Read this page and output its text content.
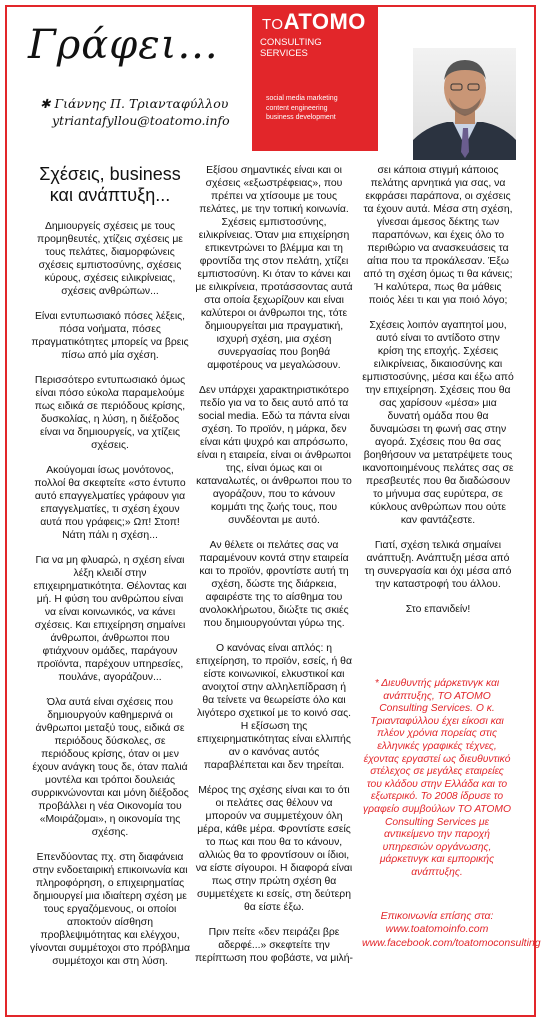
Γράφει...
✱ Γιάννης Π. Τριανταφύλλου
ytriantafyllou@toatomo.info
TOATOMO
CONSULTING SERVICES
social media marketing
content engineering
business development
Σχέσεις, business και ανάπτυξη...

Δημιουργείς σχέσεις με τους προμηθευτές, χτίζεις σχέσεις με τους πελάτες, διαμορφώνεις σχέσεις εμπιστοσύνης, σχέσεις κύρους, σχέσεις ειλικρίνειας, σχέσεις ανθρώπων...

Είναι εντυπωσιακό πόσες λέξεις, πόσα νοήματα, πόσες πραγματικότητες μπορείς να βρεις πίσω από μία σχέση.

Περισσότερο εντυπωσιακό όμως είναι πόσο εύκολα παραμελούμε πως ειδικά σε περιόδους κρίσης, δυσκολίας, η λύση, η διέξοδος είναι να δημιουργείς, να χτίζεις σχέσεις.

Ακούγομαι ίσως μονότονος, πολλοί θα σκεφτείτε «στο έντυπο αυτό επαγγελματίες γράφουν για επαγγελματίες, τι σχέση έχουν αυτά που γράφεις;» Ωπ! Στοπ! Νάτη πάλι η σχέση...

Για να μη φλυαρώ, η σχέση είναι λέξη κλειδί στην επιχειρηματικότητα. Θέλοντας και μή. Η φύση του ανθρώπου είναι να είναι κοινωνικός, να κάνει σχέσεις. Και επιχείρηση σημαίνει άνθρωποι, άνθρωποι που φτιάχνουν ομάδες, παράγουν προϊόντα, παρέχουν υπηρεσίες, πουλάνε, αγοράζουν...

Όλα αυτά είναι σχέσεις που δημιουργούν καθημερινά οι άνθρωποι μεταξύ τους, ειδικά σε περιόδους δύσκολες, σε περιόδους κρίσης, όταν οι μεν έχουν ανάγκη τους δε, όταν παλιά μοντέλα και τρόποι δουλειάς συρρικνώνονται και μόνη διέξοδος προβάλλει η νέα Οικονομία του «Μοιράζομαι», η οικονομία της σχέσης.

Επενδύοντας πχ. στη διαφάνεια στην ενδοεταιρική επικοινωνία και πληροφόρηση, ο επιχειρηματίας δημιουργεί μια ιδιαίτερη σχέση με τους εργαζόμενους, οι οποίοι αποκτούν αίσθηση προβλεψιμότητας και ελέγχου, γίνονται συμμέτοχοι στο πρόβλημα συμμέτοχοι και στη λύση.

Εξίσου σημαντικές είναι και οι σχέσεις «εξωστρέφειας», που πρέπει να χτίσουμε με τους πελάτες, με την τοπική κοινωνία. Σχέσεις εμπιστοσύνης, ειλικρίνειας. Όταν μια επιχείρηση επικεντρώνει το βλέμμα και τη φροντίδα της στον πελάτη, χτίζει εμπιστοσύνη. Κι όταν το κάνει και με ειλικρίνεια, προτάσσοντας αυτά στα οποία ξεχωρίζουν και είναι καλύτεροι οι άνθρωποι της, τότε δημιουργείται μια πραγματική, ισχυρή σχέση, μια σχέση συνεργασίας που βοηθά αμφοτέρους να μεγαλώσουν.

Δεν υπάρχει χαρακτηριστικότερο πεδίο για να το δεις αυτό από τα social media. Εδώ τα πάντα είναι σχέση. Το προϊόν, η μάρκα, δεν είναι κάτι ψυχρό και απρόσωπο, είναι η εταιρεία, είναι οι άνθρωποι της, είναι όμως και οι καταναλωτές, οι άνθρωποι που το αγοράζουν, που το κάνουν κομμάτι της ζωής τους, που συνδέονται με αυτό.

Αν θέλετε οι πελάτες σας να παραμένουν κοντά στην εταιρεία και το προϊόν, φροντίστε αυτή τη σχέση, δώστε της διάρκεια, αφαιρέστε της το αίσθημα του ανολοκλήρωτου, διώξτε τις σκιές που δημιουργούνται γύρω της.

Ο κανόνας είναι απλός: η επιχείρηση, το προϊόν, εσείς, ή θα είστε κοινωνικοί, ελκυστικοί και ανοιχτοί στην αλληλεπίδραση ή θα τείνετε να θεωρείστε όλο και λιγότερο σχετικοί με το κοινό σας. Η εξίσωση της επιχειρηματικότητας είναι ελλιπής αν ο κανόνας αυτός παραβλέπεται και δεν τηρείται.

Μέρος της σχέσης είναι και το ότι οι πελάτες σας θέλουν να μπορούν να συμμετέχουν όλη μέρα, κάθε μέρα. Φροντίστε εσείς το πως και που θα το κάνουν, αλλιώς θα το φροντίσουν οι ίδιοι, να είστε σίγουροι. Η διαφορά είναι πως στην πρώτη σχέση θα συμμετέχετε κι εσείς, στη δεύτερη θα είστε έξω.

Πριν πείτε «δεν πειράζει βρε αδερφέ...» σκεφτείτε την περίπτωση που φοβάστε, να μιλή-

σει κάποια στιγμή κάποιος πελάτης αρνητικά για σας, να εκφράσει παράπονα, οι σχέσεις τα έχουν αυτά. Μέσα στη σχέση, γίνεσαι άμεσος δέκτης των παραπόνων, και έχεις όλο το περιθώριο να ανασκευάσεις τα αίτια που τα προκάλεσαν. Έξω από τη σχέση όμως τι θα κάνεις; Ή καλύτερα, πως θα μάθεις ποιός λέει τι και για ποιό λόγο;

Σχέσεις λοιπόν αγαπητοί μου, αυτό είναι το αντίδοτο στην κρίση της εποχής. Σχέσεις ειλικρίνειας, δικαιοσύνης και εμπιστοσύνης, μέσα και έξω από την επιχείρηση. Σχέσεις που θα σας χαρίσουν «μέσα» μια δυνατή ομάδα που θα δυναμώσει τη φωνή σας στην αγορά. Σχέσεις που θα σας βοηθήσουν να μετατρέψετε τους ικανοποιημένους πελάτες σας σε πρεσβευτές που θα διαδώσουν το μήνυμα σας ευρύτερα, σε κύκλους ανθρώπων που ούτε καν φαντάζεστε.

Γιατί, σχέση τελικά σημαίνει ανάπτυξη. Ανάπτυξη μέσα από τη συνεργασία και όχι μέσα από την καταστροφή του άλλου.

Στο επανιδείν!

* Διευθυντής μάρκετινγκ και ανάπτυξης, ΤΟ ΑΤΟΜΟ Consulting Services. Ο κ. Τριανταφύλλου έχει είκοσι και πλέον χρόνια πορείας στις ελληνικές γραφικές τέχνες, έχοντας εργαστεί ως διευθυντικό στέλεχος σε μεγάλες εταιρείες του κλάδου στην Ελλάδα και το εξωτερικό. Το 2008 ίδρυσε το γραφείο συμβούλων ΤΟ ΑΤΟΜΟ Consulting Services με αντικείμενο την παροχή υπηρεσιών οργάνωσης, μάρκετινγκ και εμπορικής ανάπτυξης.
Επικοινωνία επίσης στα:
www.toatomoinfo.com
www.facebook.com/toatomoconsulting
